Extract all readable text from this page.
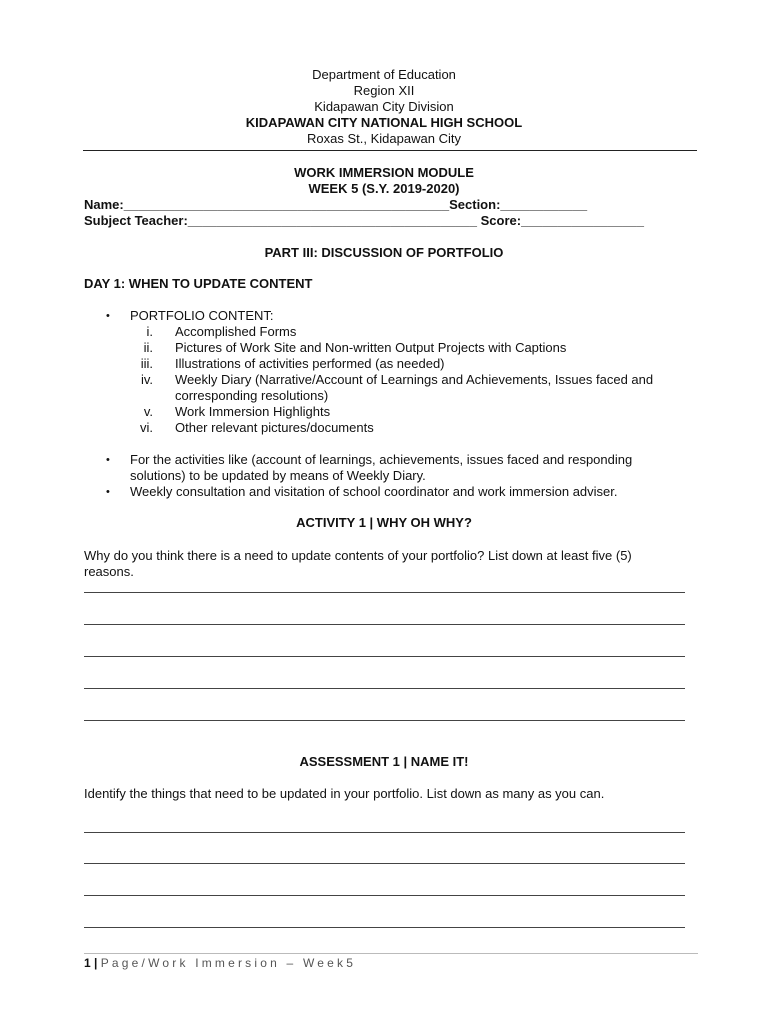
Department of Education
Region XII
Kidapawan City Division
KIDAPAWAN CITY NATIONAL HIGH SCHOOL
Roxas St., Kidapawan City
WORK IMMERSION MODULE
WEEK 5 (S.Y. 2019-2020)
Name:_____________________________________________Section:____________
Subject Teacher:________________________________________ Score:_________________
PART III: DISCUSSION OF PORTFOLIO
DAY 1: WHEN TO UPDATE CONTENT
• PORTFOLIO CONTENT:
i. Accomplished Forms
ii. Pictures of Work Site and Non-written Output Projects with Captions
iii. Illustrations of activities performed (as needed)
iv. Weekly Diary (Narrative/Account of Learnings and Achievements, Issues faced and
corresponding resolutions)
v. Work Immersion Highlights
vi. Other relevant pictures/documents
• For the activities like (account of learnings, achievements, issues faced and responding
solutions) to be updated by means of Weekly Diary.
• Weekly consultation and visitation of school coordinator and work immersion adviser.
ACTIVITY 1 | WHY OH WHY?
Why do you think there is a need to update contents of your portfolio? List down at least five (5)
reasons.
ASSESSMENT 1 | NAME IT!
Identify the things that need to be updated in your portfolio. List down as many as you can.
1 | Page/Work Immersion – Week5
